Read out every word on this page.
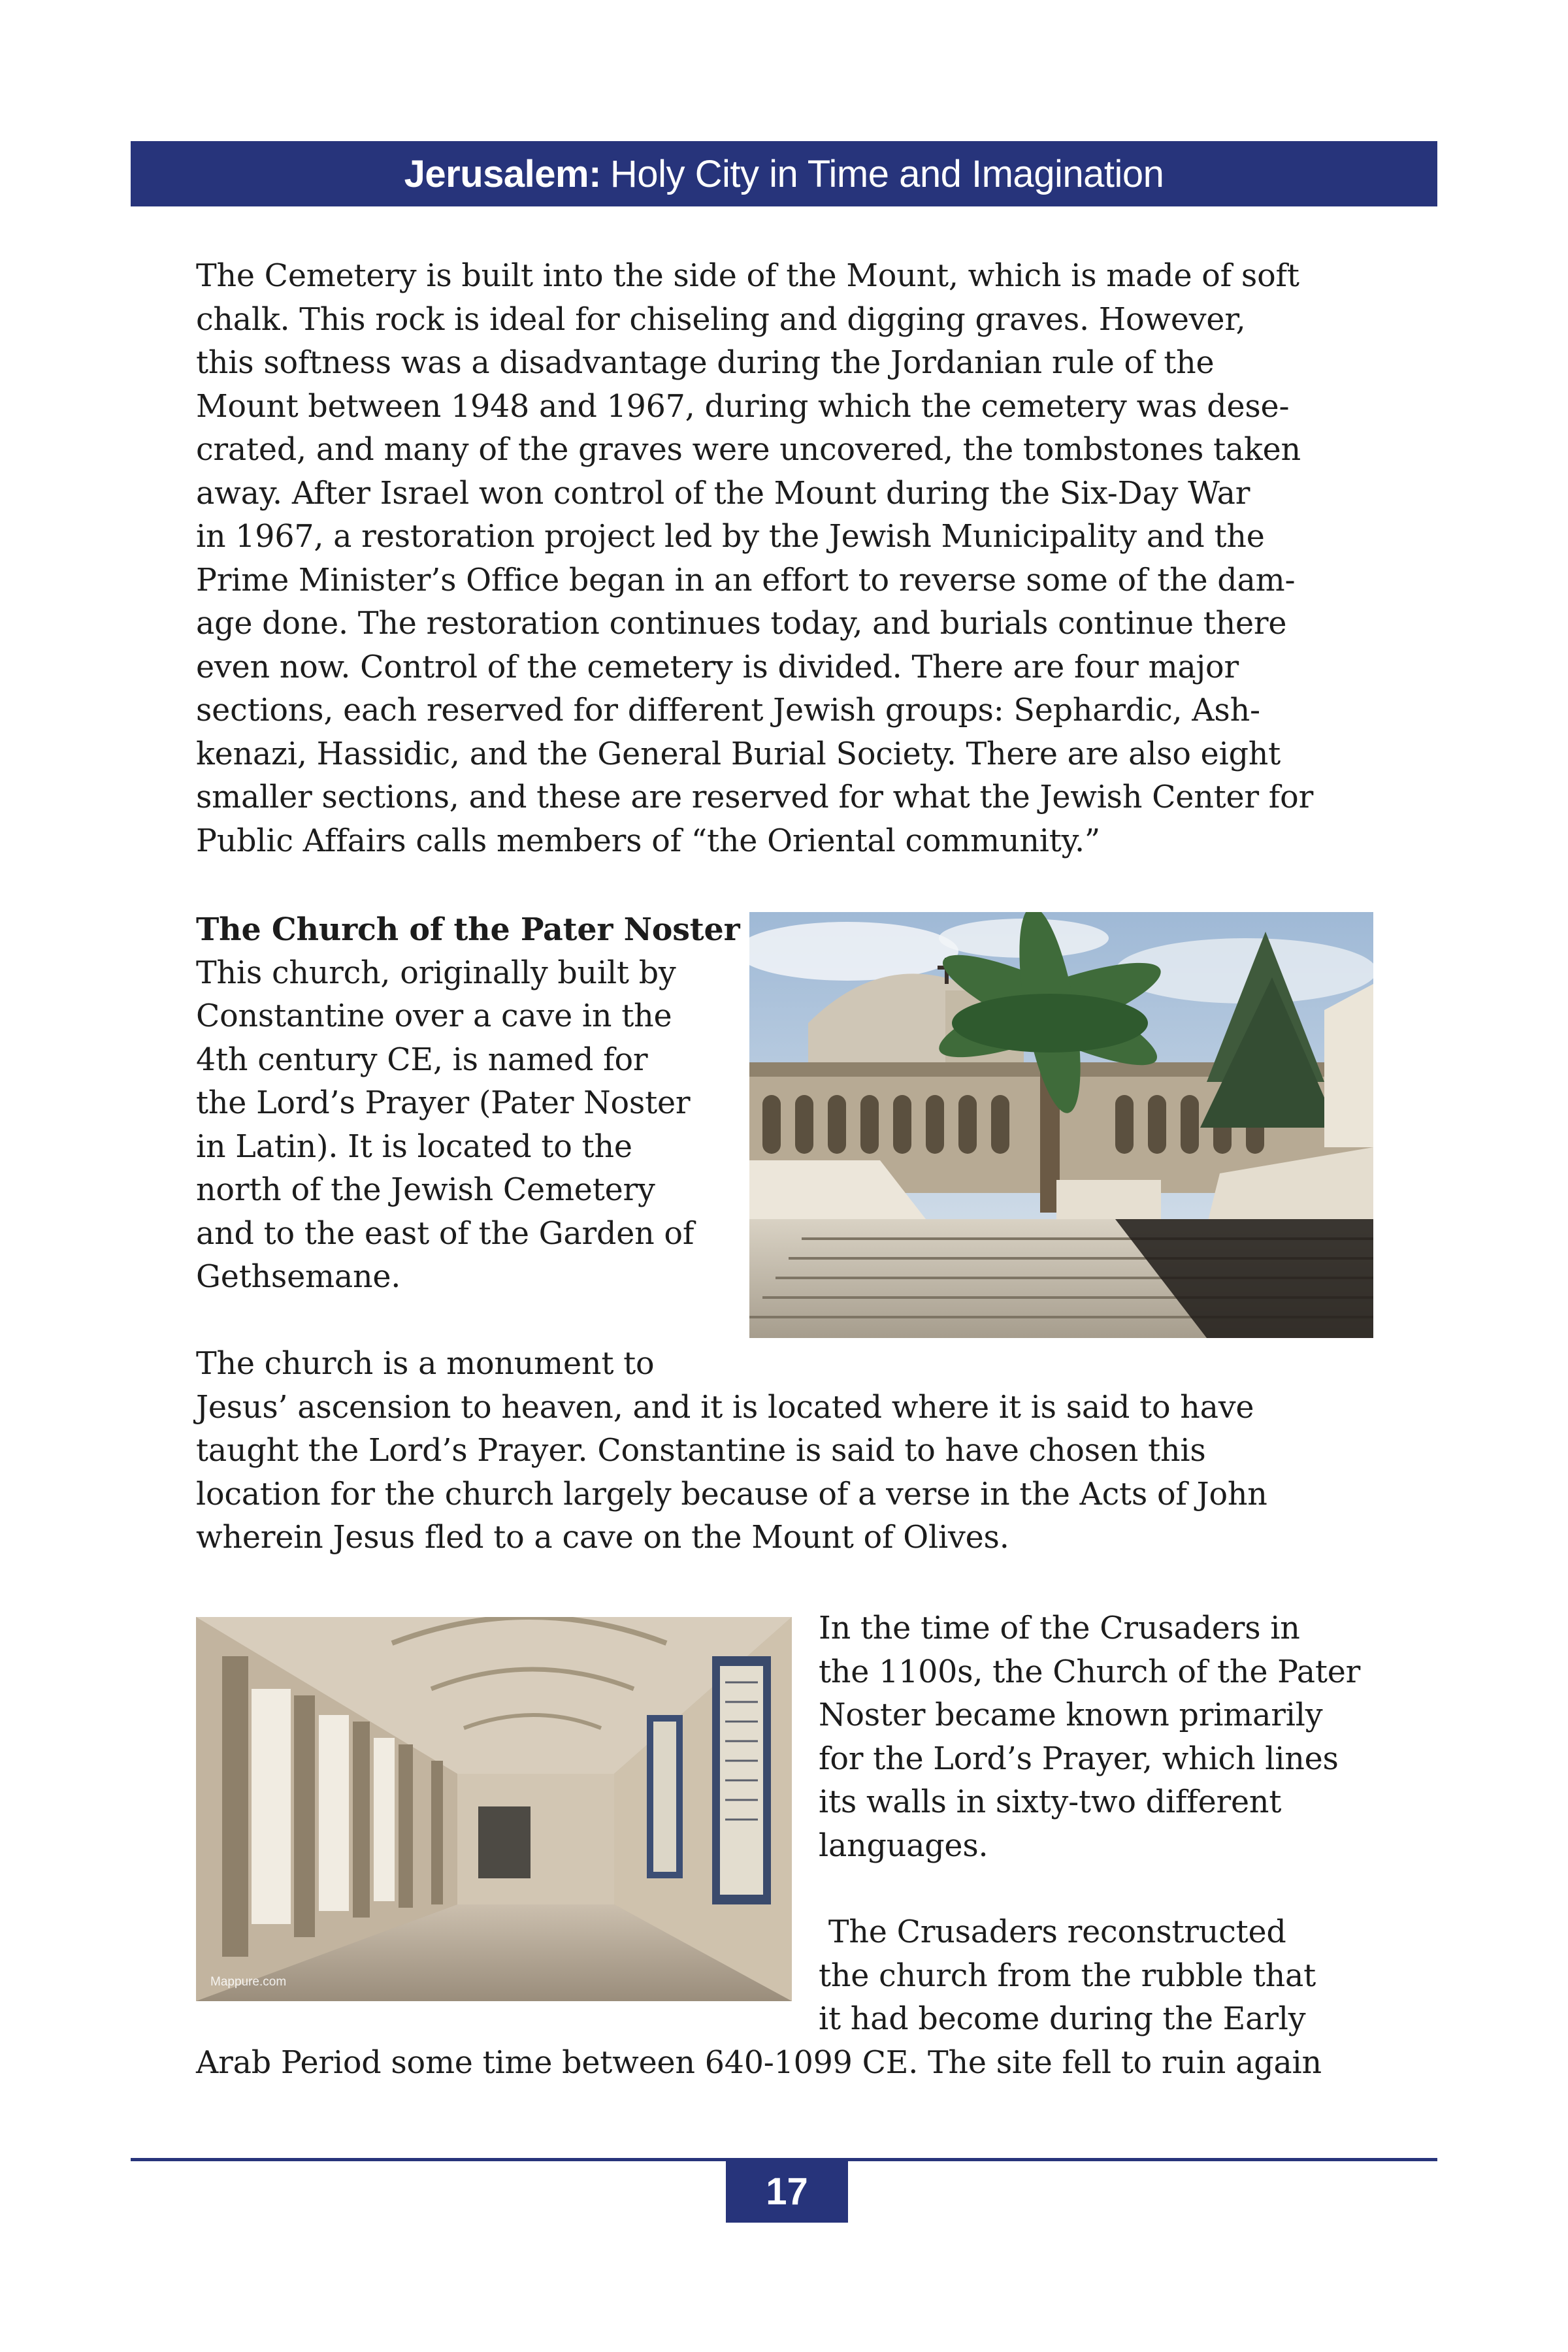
Jerusalem: Holy City in Time and Imagination
The Cemetery is built into the side of the Mount, which is made of soft
chalk. This rock is ideal for chiseling and digging graves. However,
this softness was a disadvantage during the Jordanian rule of the
Mount between 1948 and 1967, during which the cemetery was dese-
crated, and many of the graves were uncovered, the tombstones taken
away. After Israel won control of the Mount during the Six-Day War
in 1967, a restoration project led by the Jewish Municipality and the
Prime Minister’s Office began in an effort to reverse some of the dam-
age done. The restoration continues today, and burials continue there
even now. Control of the cemetery is divided. There are four major
sections, each reserved for different Jewish groups: Sephardic, Ash-
kenazi, Hassidic, and the General Burial Society. There are also eight
smaller sections, and these are reserved for what the Jewish Center for
Public Affairs calls members of “the Oriental community.”
The Church of the Pater Noster
This church, originally built by
Constantine over a cave in the
4th century CE, is named for
the Lord’s Prayer (Pater Noster
in Latin). It is located to the
north of the Jewish Cemetery
and to the east of the Garden of
Gethsemane.
The church is a monument to
Jesus’ ascension to heaven, and it is located where it is said to have
taught the Lord’s Prayer. Constantine is said to have chosen this
location for the church largely because of a verse in the Acts of John
wherein Jesus fled to a cave on the Mount of Olives.
Mappure.com
In the time of the Crusaders in
the 1100s, the Church of the Pater
Noster became known primarily
for the Lord’s Prayer, which lines
its walls in sixty-two different
languages.
The Crusaders reconstructed
the church from the rubble that
it had become during the Early
Arab Period some time between 640-1099 CE. The site fell to ruin again
17
